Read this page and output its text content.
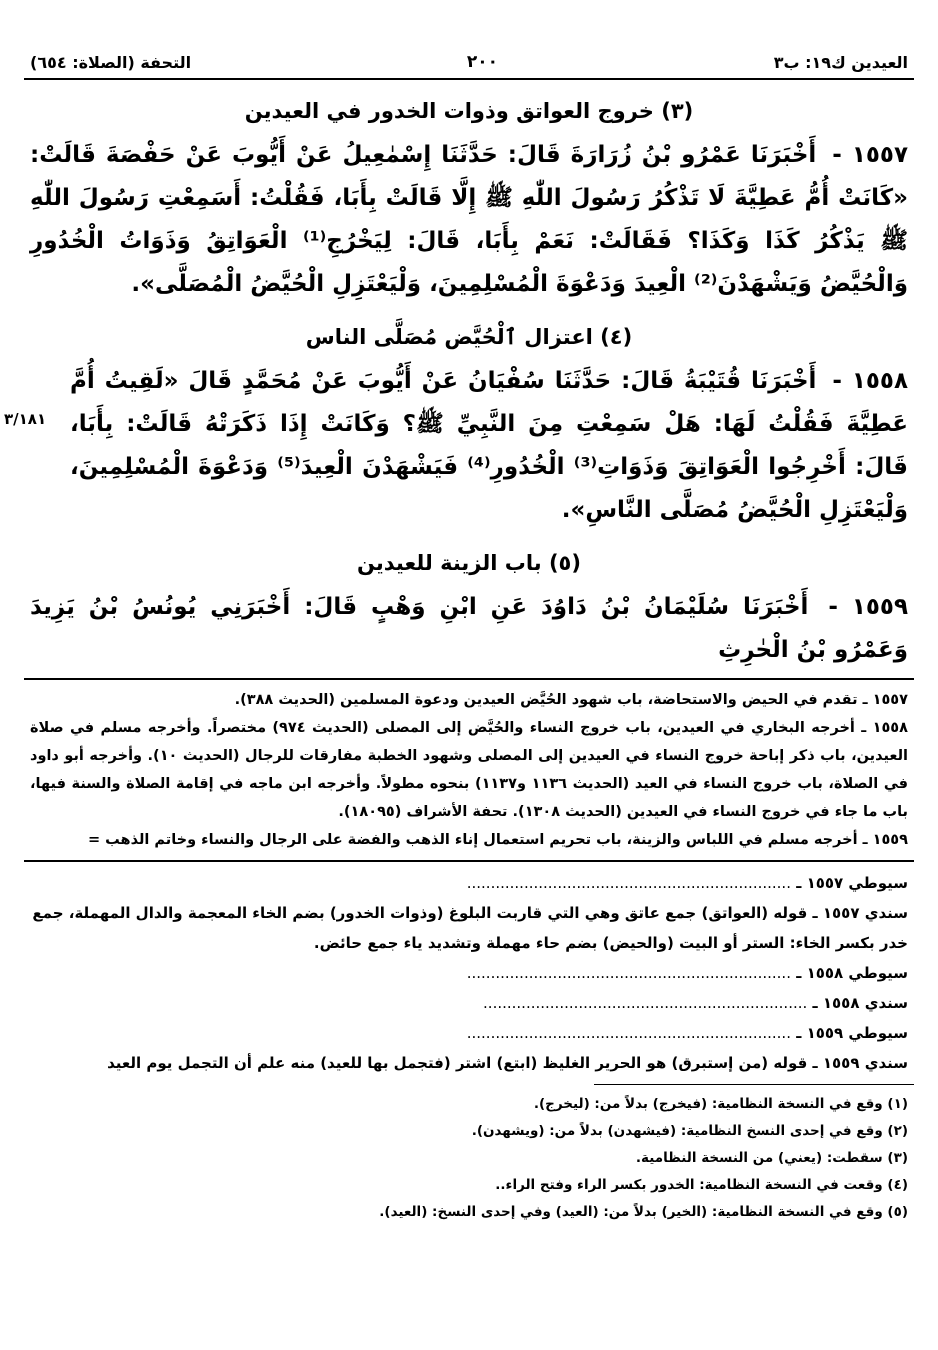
العيدين ك١٩: ب٣
٢٠٠
التحفة (الصلاة: ٦٥٤)
(٣) خروج العواتق وذوات الخدور في العيدين

١٥٥٧ - أَخْبَرَنَا عَمْرُو بْنُ زُرَارَةَ قَالَ: حَدَّثَنَا إِسْمٰعِيلُ عَنْ أَيُّوبَ عَنْ حَفْصَةَ قَالَتْ: «كَانَتْ أُمُّ عَطِيَّةَ لَا تَذْكُرُ رَسُولَ اللّٰهِ ﷺ إِلَّا قَالَتْ بِأَبَا، فَقُلْتُ: أَسَمِعْتِ رَسُولَ اللّٰهِ ﷺ يَذْكُرُ كَذَا وَكَذَا؟ فَقَالَتْ: نَعَمْ بِأَبَا، قَالَ: لِيَخْرُجِ⁽¹⁾ الْعَوَاتِقُ وَذَوَاتُ الْخُدُورِ وَالْحُيَّضُ وَيَشْهَدْنَ⁽²⁾ الْعِيدَ وَدَعْوَةَ الْمُسْلِمِينَ، وَلْيَعْتَزِلِ الْحُيَّضُ الْمُصَلَّى».

(٤) اعتزال ٱلْحُيَّض مُصَلَّى الناس
٣/١٨١

١٥٥٨ - أَخْبَرَنَا قُتَيْبَةُ قَالَ: حَدَّثَنَا سُفْيَانُ عَنْ أَيُّوبَ عَنْ مُحَمَّدٍ قَالَ «لَقِيتُ أُمَّ عَطِيَّةَ فَقُلْتُ لَهَا: هَلْ سَمِعْتِ مِنَ النَّبِيِّ ﷺ؟ وَكَانَتْ إِذَا ذَكَرَتْهُ قَالَتْ: بِأَبَا، قَالَ: أَخْرِجُوا الْعَوَاتِقَ وَذَوَاتِ⁽³⁾ الْخُدُورِ⁽⁴⁾ فَيَشْهَدْنَ الْعِيدَ⁽⁵⁾ وَدَعْوَةَ الْمُسْلِمِينَ، وَلْيَعْتَزِلِ الْحُيَّضُ مُصَلَّى النَّاسِ».

(٥) باب الزينة للعيدين

١٥٥٩ - أَخْبَرَنَا سُلَيْمَانُ بْنُ دَاوُدَ عَنِ ابْنِ وَهْبٍ قَالَ: أَخْبَرَنِي يُونُسُ بْنُ يَزِيدَ وَعَمْرُو بْنُ الْحٰرِثِ

١٥٥٧ ـ تقدم في الحيض والاستحاضة، باب شهود الحُيَّض العيدين ودعوة المسلمين (الحديث ٣٨٨).

١٥٥٨ ـ أخرجه البخاري في العيدين، باب خروج النساء والحُيَّض إلى المصلى (الحديث ٩٧٤) مختصراً. وأخرجه مسلم في صلاة العيدين، باب ذكر إباحة خروج النساء في العيدين إلى المصلى وشهود الخطبة مفارقات للرجال (الحديث ١٠). وأخرجه أبو داود في الصلاة، باب خروج النساء في العيد (الحديث ١١٣٦ و١١٣٧) بنحوه مطولاً. وأخرجه ابن ماجه في إقامة الصلاة والسنة فيها، باب ما جاء في خروج النساء في العيدين (الحديث ١٣٠٨). تحفة الأشراف (١٨٠٩٥).

١٥٥٩ ـ أخرجه مسلم في اللباس والزينة، باب تحريم استعمال إناء الذهب والفضة على الرجال والنساء وخاتم الذهب =

سيوطي ١٥٥٧ ـ ....................................................................

سندي ١٥٥٧ ـ قوله (العواتق) جمع عاتق وهي التي قاربت البلوغ (وذوات الخدور) بضم الخاء المعجمة والدال المهملة، جمع خدر بكسر الخاء: الستر أو البيت (والحيض) بضم حاء مهملة وتشديد ياء جمع حائض.

سيوطي ١٥٥٨ ـ ....................................................................

سندي ١٥٥٨ ـ ....................................................................

سيوطي ١٥٥٩ ـ ....................................................................

سندي ١٥٥٩ ـ قوله (من إستبرق) هو الحرير الغليظ (ابتع) اشتر (فتجمل بها للعيد) منه علم أن التجمل يوم العيد

(١) وقع في النسخة النظامية: (فيخرج) بدلاً من: (ليخرج).

(٢) وقع في إحدى النسخ النظامية: (فيشهدن) بدلاً من: (ويشهدن).

(٣) سقطت: (يعني) من النسخة النظامية.

(٤) وقعت في النسخة النظامية: الخدور بكسر الراء وفتح الراء..

(٥) وقع في النسخة النظامية: (الخير) بدلاً من: (العيد) وفي إحدى النسخ: (العيد).
